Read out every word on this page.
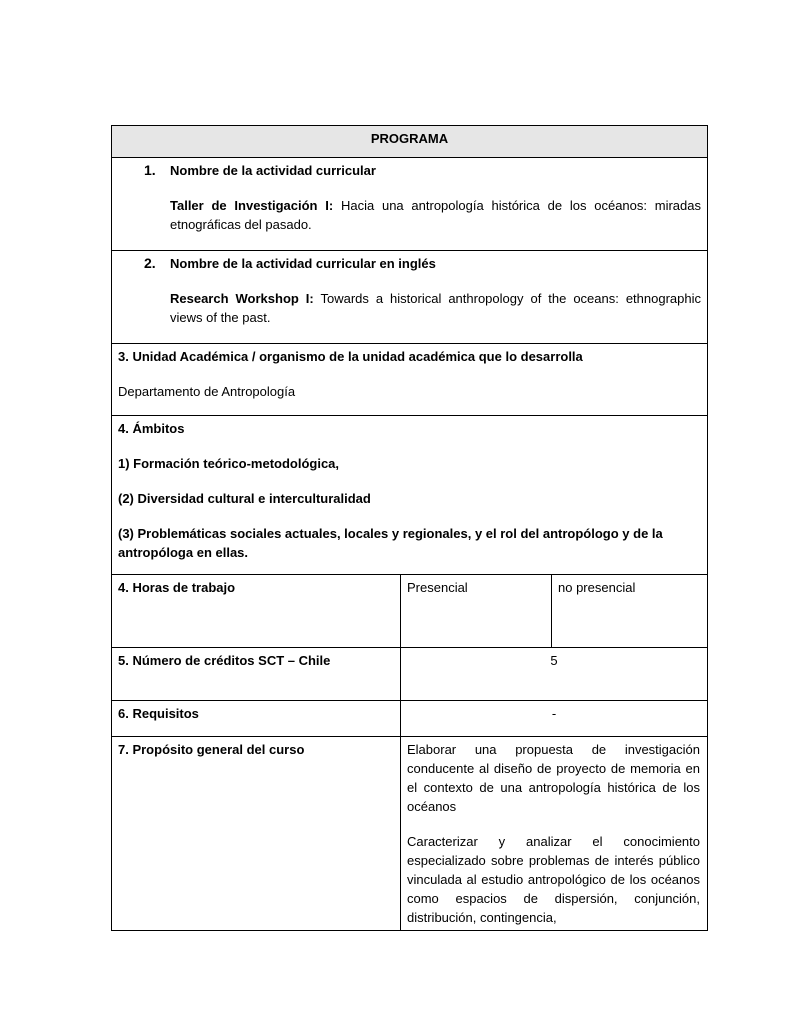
PROGRAMA		

1. Nombre de la actividad curricular

Taller de Investigación I: Hacia una antropología histórica de los océanos: miradas etnográficas del pasado.		

2. Nombre de la actividad curricular en inglés

Research Workshop I: Towards a historical anthropology of the oceans: ethnographic views of the past.		

3. Unidad Académica / organismo de la unidad académica que lo desarrolla

Departamento de Antropología		

4. Ámbitos

1) Formación teórico-metodológica,

(2) Diversidad cultural e interculturalidad

(3) Problemáticas sociales actuales, locales y regionales, y el rol del antropólogo y de la antropóloga en ellas.		

4. Horas de trabajo	Presencial	no presencial
5. Número de créditos SCT – Chile	5	
6. Requisitos	-	
7. Propósito general del curso	Elaborar una propuesta de investigación conducente al diseño de proyecto de memoria en el contexto de una antropología histórica de los océanos

Caracterizar y analizar el conocimiento especializado sobre problemas de interés público vinculada al estudio antropológico de los océanos como espacios de dispersión, conjunción, distribución, contingencia,	
